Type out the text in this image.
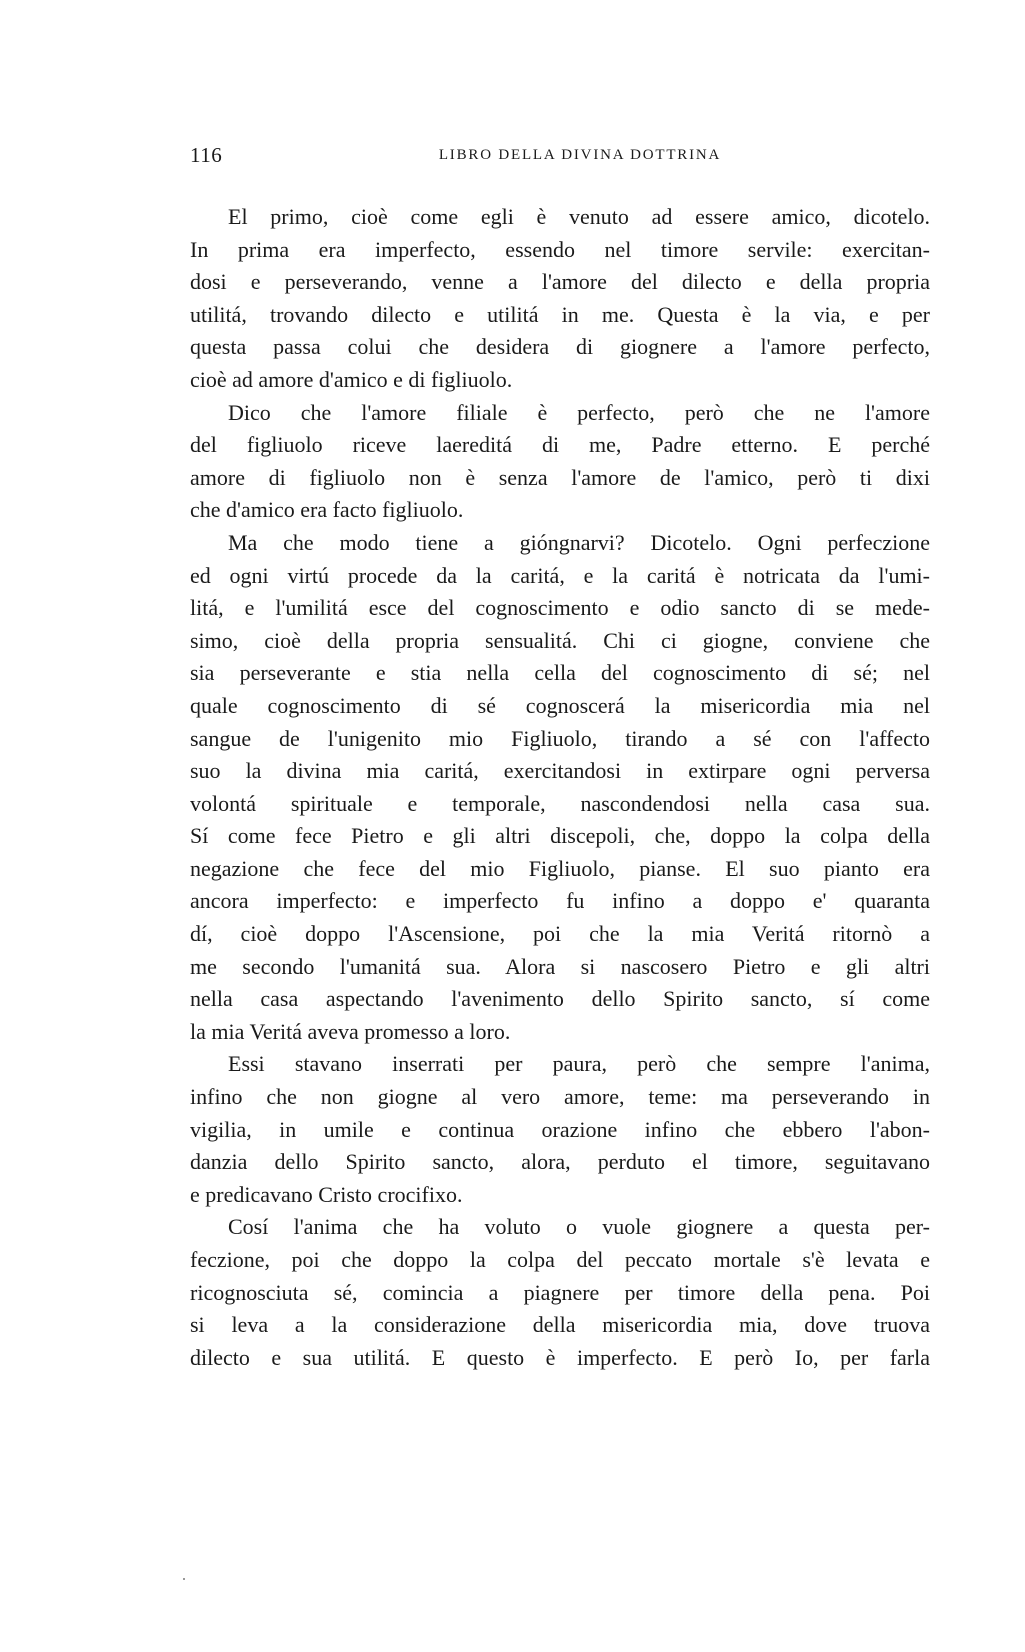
116	LIBRO DELLA DIVINA DOTTRINA
El primo, cioè come egli è venuto ad essere amico, dicotelo.
In prima era imperfecto, essendo nel timore servile: exercitan-
dosi e perseverando, venne a l'amore del dilecto e della propria
utilitá, trovando dilecto e utilitá in me. Questa è la via, e per
questa passa colui che desidera di giognere a l'amore perfecto,
cioè ad amore d'amico e di figliuolo.
Dico che l'amore filiale è perfecto, però che ne l'amore
del figliuolo riceve laereditá di me, Padre etterno. E perché
amore di figliuolo non è senza l'amore de l'amico, però ti dixi
che d'amico era facto figliuolo.
Ma che modo tiene a gióngnarvi? Dicotelo. Ogni perfeczione
ed ogni virtú procede da la caritá, e la caritá è notricata da l'umi-
litá, e l'umilitá esce del cognoscimento e odio sancto di se mede-
simo, cioè della propria sensualitá. Chi ci giogne, conviene che
sia perseverante e stia nella cella del cognoscimento di sé; nel
quale cognoscimento di sé cognoscerá la misericordia mia nel
sangue de l'unigenito mio Figliuolo, tirando a sé con l'affecto
suo la divina mia caritá, exercitandosi in extirpare ogni perversa
volontá spirituale e temporale, nascondendosi nella casa sua.
Sí come fece Pietro e gli altri discepoli, che, doppo la colpa della
negazione che fece del mio Figliuolo, pianse. El suo pianto era
ancora imperfecto: e imperfecto fu infino a doppo e' quaranta
dí, cioè doppo l'Ascensione, poi che la mia Veritá ritornò a
me secondo l'umanitá sua. Alora si nascosero Pietro e gli altri
nella casa aspectando l'avenimento dello Spirito sancto, sí come
la mia Veritá aveva promesso a loro.
Essi stavano inserrati per paura, però che sempre l'anima,
infino che non giogne al vero amore, teme: ma perseverando in
vigilia, in umile e continua orazione infino che ebbero l'abon-
danzia dello Spirito sancto, alora, perduto el timore, seguitavano
e predicavano Cristo crocifixo.
Cosí l'anima che ha voluto o vuole giognere a questa per-
feczione, poi che doppo la colpa del peccato mortale s'è levata e
ricognosciuta sé, comincia a piagnere per timore della pena. Poi
si leva a la considerazione della misericordia mia, dove truova
dilecto e sua utilitá. E questo è imperfecto. E però Io, per farla
